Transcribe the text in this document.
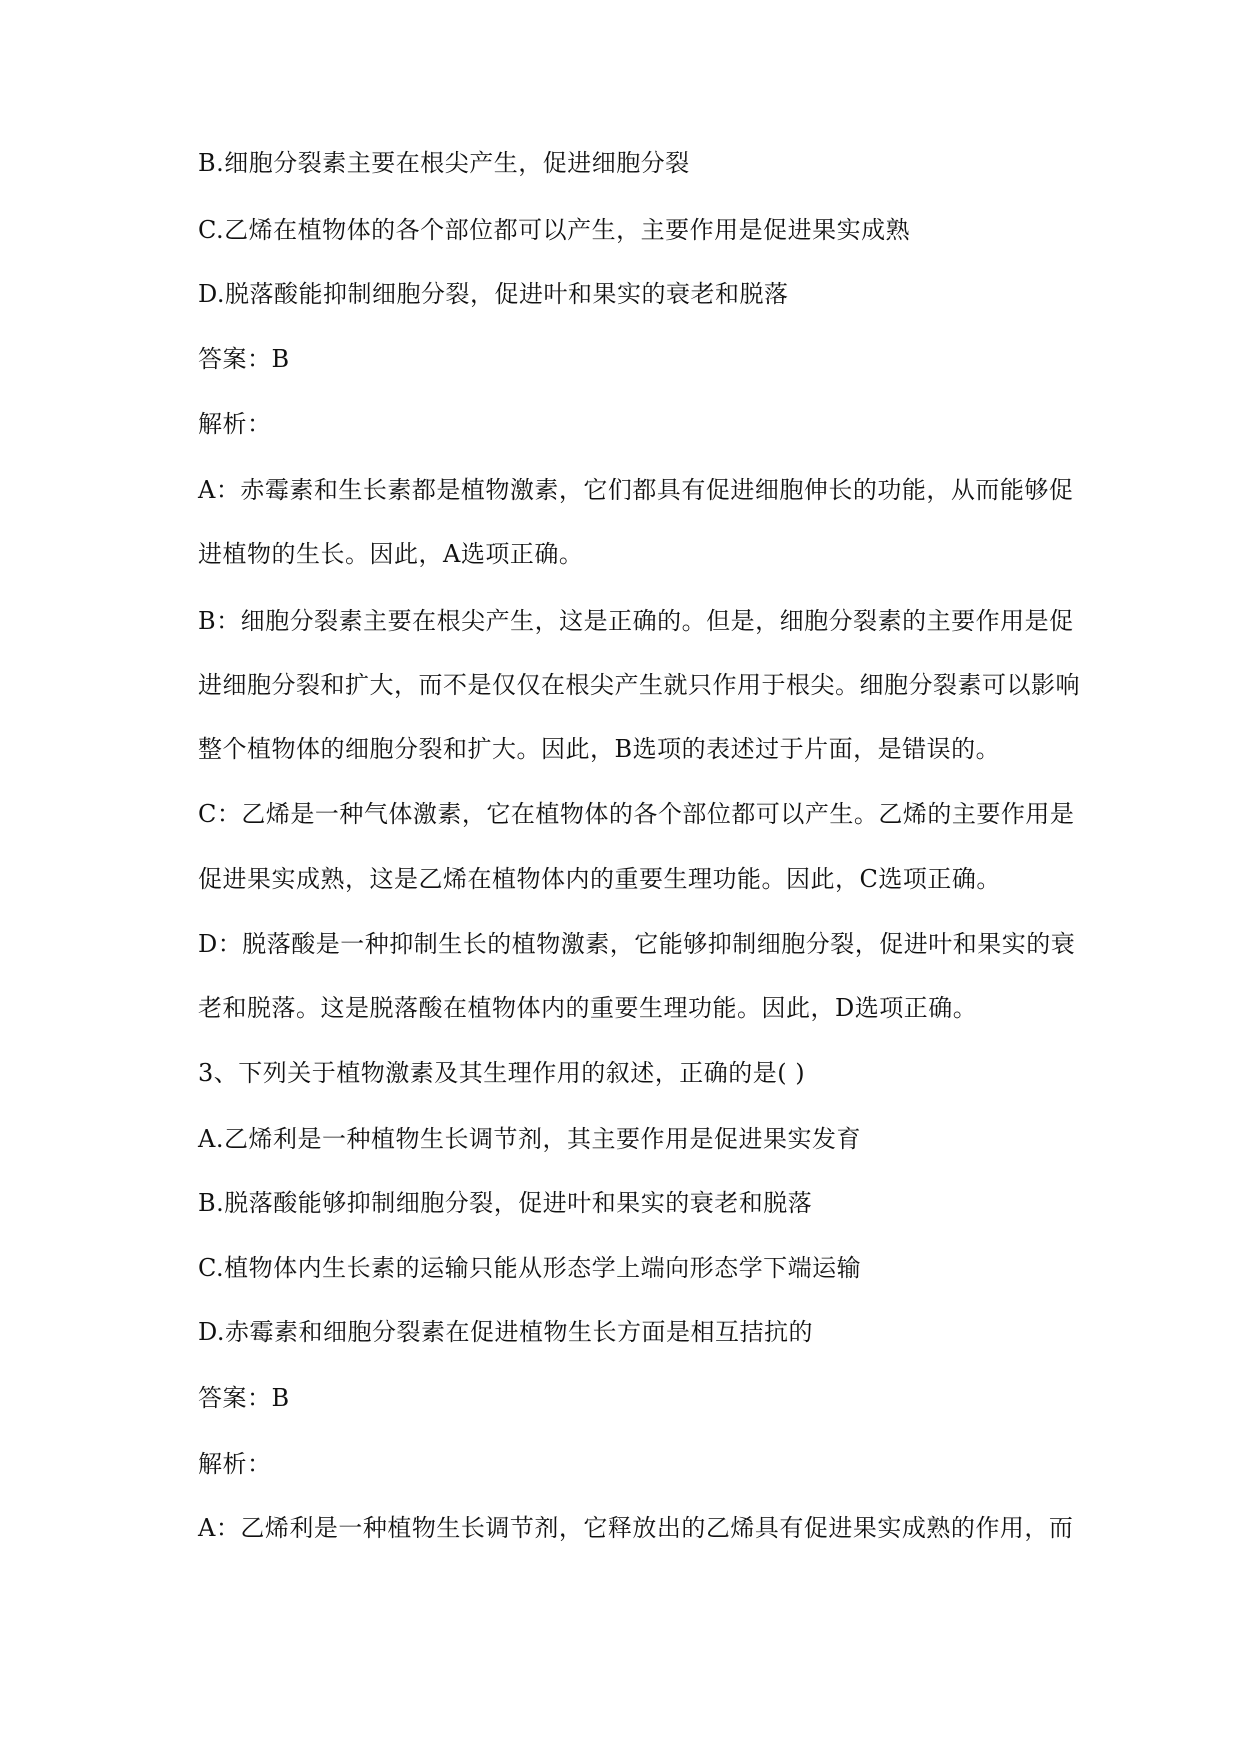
B.细胞分裂素主要在根尖产生，促进细胞分裂

C.乙烯在植物体的各个部位都可以产生，主要作用是促进果实成熟

D.脱落酸能抑制细胞分裂，促进叶和果实的衰老和脱落

答案：B

解析：

A：赤霉素和生长素都是植物激素，它们都具有促进细胞伸长的功能，从而能够促

进植物的生长。因此，A选项正确。

B：细胞分裂素主要在根尖产生，这是正确的。但是，细胞分裂素的主要作用是促

进细胞分裂和扩大，而不是仅仅在根尖产生就只作用于根尖。细胞分裂素可以影响

整个植物体的细胞分裂和扩大。因此，B选项的表述过于片面，是错误的。

C：乙烯是一种气体激素，它在植物体的各个部位都可以产生。乙烯的主要作用是

促进果实成熟，这是乙烯在植物体内的重要生理功能。因此，C选项正确。

D：脱落酸是一种抑制生长的植物激素，它能够抑制细胞分裂，促进叶和果实的衰

老和脱落。这是脱落酸在植物体内的重要生理功能。因此，D选项正确。

3、下列关于植物激素及其生理作用的叙述，正确的是( )

A.乙烯利是一种植物生长调节剂，其主要作用是促进果实发育

B.脱落酸能够抑制细胞分裂，促进叶和果实的衰老和脱落

C.植物体内生长素的运输只能从形态学上端向形态学下端运输

D.赤霉素和细胞分裂素在促进植物生长方面是相互拮抗的

答案：B

解析：

A：乙烯利是一种植物生长调节剂，它释放出的乙烯具有促进果实成熟的作用，而
